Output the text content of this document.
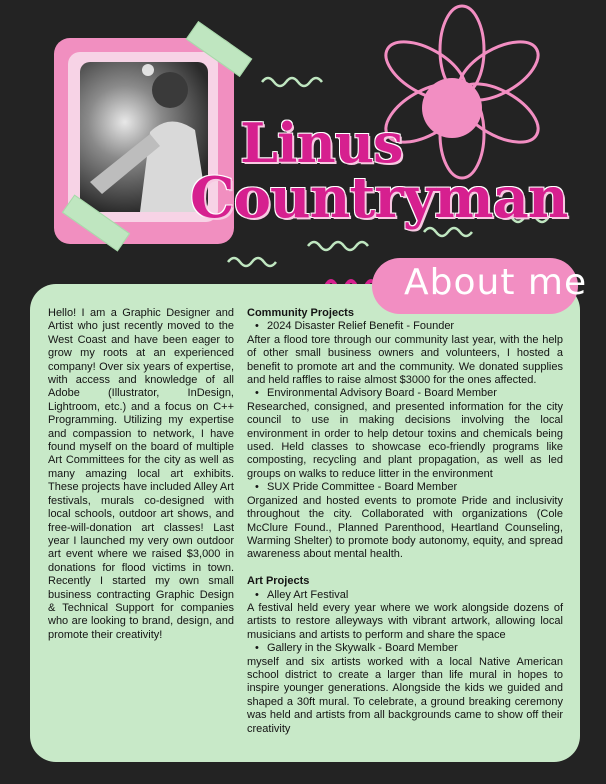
Linus
Countryman
About me
Hello! I am a Graphic Designer and Artist who just recently moved to the West Coast and have been eager to grow my roots at an experienced company! Over six years of expertise, with access and knowledge of all Adobe (Illustrator, InDesign, Lightroom, etc.) and a focus on C++ Programming. Utilizing my expertise and compassion to network, I have found myself on the board of multiple Art Committees for the city as well as many amazing local art exhibits. These projects have included Alley Art festivals, murals co-designed with local schools, outdoor art shows, and free-will-donation art classes! Last year I launched my very own outdoor art event where we raised $3,000 in donations for flood victims in town. Recently I started my own small business contracting Graphic Design & Technical Support for companies who are looking to brand, design, and promote their creativity!
Community Projects

• 2024 Disaster Relief Benefit - Founder

After a flood tore through our community last year, with the help of other small business owners and volunteers, I hosted a benefit to promote art and the community. We donated supplies and held raffles to raise almost $3000 for the ones affected.

• Environmental Advisory Board - Board Member

Researched, consigned, and presented information for the city council to use in making decisions involving the local environment in order to help detour toxins and chemicals being used. Held classes to showcase eco-friendly programs like composting, recycling and plant propagation, as well as led groups on walks to reduce litter in the environment

• SUX Pride Committee - Board Member

Organized and hosted events to promote Pride and inclusivity throughout the city. Collaborated with organizations (Cole McClure Found., Planned Parenthood, Heartland Counseling, Warming Shelter) to promote body autonomy, equity, and spread awareness about mental health.

Art Projects

• Alley Art Festival

A festival held every year where we work alongside dozens of artists to restore alleyways with vibrant artwork, allowing local musicians and artists to perform and share the space

• Gallery in the Skywalk - Board Member

myself and six artists worked with a local Native American school district to create a larger than life mural in hopes to inspire younger generations. Alongside the kids we guided and shaped a 30ft mural. To celebrate, a ground breaking ceremony was held and artists from all backgrounds came to show off their creativity
